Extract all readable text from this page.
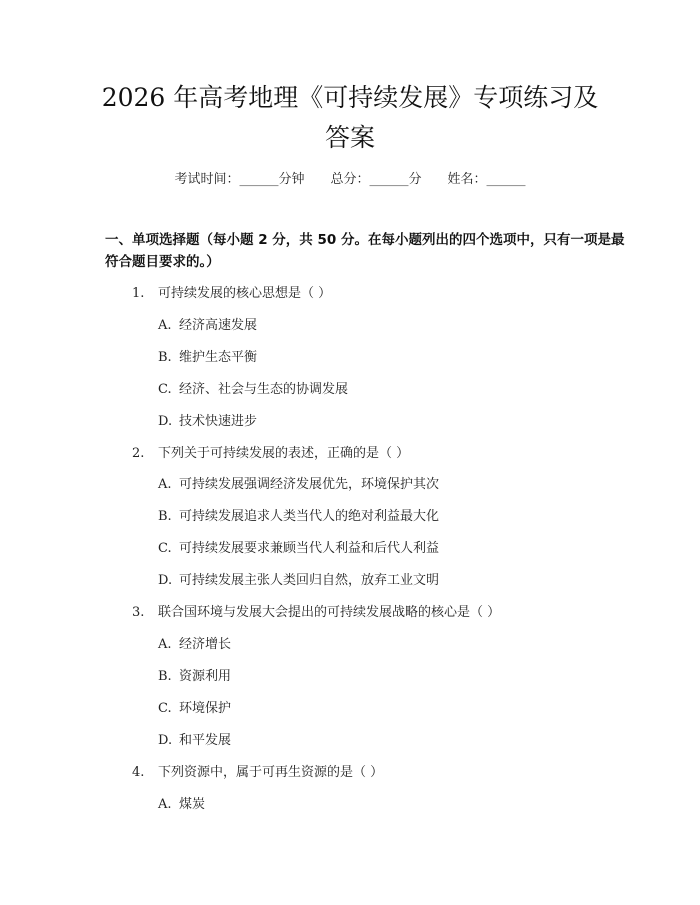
2026 年高考地理《可持续发展》专项练习及
答案
考试时间：______分钟 总分：______分 姓名：______
一、单项选择题（每小题 2 分，共 50 分。在每小题列出的四个选项中，只有一项是最符合题目要求的。）
1. 可持续发展的核心思想是（ ）
A. 经济高速发展
B. 维护生态平衡
C. 经济、社会与生态的协调发展
D. 技术快速进步
2. 下列关于可持续发展的表述，正确的是（ ）
A. 可持续发展强调经济发展优先，环境保护其次
B. 可持续发展追求人类当代人的绝对利益最大化
C. 可持续发展要求兼顾当代人利益和后代人利益
D. 可持续发展主张人类回归自然，放弃工业文明
3. 联合国环境与发展大会提出的可持续发展战略的核心是（ ）
A. 经济增长
B. 资源利用
C. 环境保护
D. 和平发展
4. 下列资源中，属于可再生资源的是（ ）
A. 煤炭
